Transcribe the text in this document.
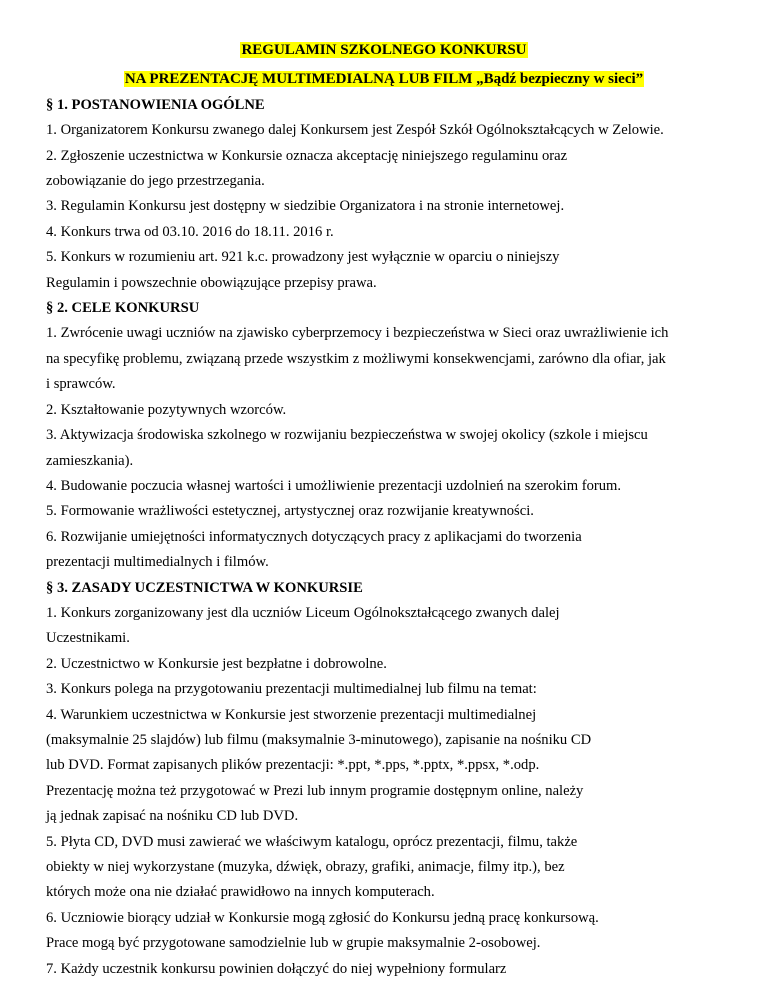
REGULAMIN SZKOLNEGO KONKURSU
NA PREZENTACJĘ MULTIMEDIALNĄ LUB FILM „Bądź bezpieczny w sieci”
§ 1. POSTANOWIENIA OGÓLNE
1. Organizatorem Konkursu zwanego dalej Konkursem jest Zespół Szkół Ogólnokształcących w Zelowie.
2. Zgłoszenie uczestnictwa w Konkursie oznacza akceptację niniejszego regulaminu oraz
zobowiązanie do jego przestrzegania.
3. Regulamin Konkursu jest dostępny w siedzibie Organizatora i na stronie internetowej.
4. Konkurs trwa od 03.10. 2016 do 18.11. 2016 r.
5. Konkurs w rozumieniu art. 921 k.c. prowadzony jest wyłącznie w oparciu o niniejszy
Regulamin i powszechnie obowiązujące przepisy prawa.
§ 2. CELE KONKURSU
1. Zwrócenie uwagi uczniów na zjawisko cyberprzemocy i bezpieczeństwa w Sieci oraz uwrażliwienie ich
na specyfikę problemu, związaną przede wszystkim z możliwymi konsekwencjami, zarówno dla ofiar, jak
i sprawców.
2. Kształtowanie pozytywnych wzorców.
3. Aktywizacja środowiska szkolnego w rozwijaniu bezpieczeństwa w swojej okolicy (szkole i miejscu
zamieszkania).
4. Budowanie poczucia własnej wartości i umożliwienie prezentacji uzdolnień na szerokim forum.
5. Formowanie wrażliwości estetycznej, artystycznej oraz rozwijanie kreatywności.
6. Rozwijanie umiejętności informatycznych dotyczących pracy z aplikacjami do tworzenia
prezentacji multimedialnych i filmów.
§ 3. ZASADY UCZESTNICTWA W KONKURSIE
1. Konkurs zorganizowany jest dla uczniów Liceum Ogólnokształcącego zwanych dalej
Uczestnikami.
2. Uczestnictwo w Konkursie jest bezpłatne i dobrowolne.
3. Konkurs polega na przygotowaniu prezentacji multimedialnej lub filmu na temat:
4. Warunkiem uczestnictwa w Konkursie jest stworzenie prezentacji multimedialnej
(maksymalnie 25 slajdów) lub filmu (maksymalnie 3-minutowego), zapisanie na nośniku CD
lub DVD. Format zapisanych plików prezentacji: *.ppt, *.pps, *.pptx, *.ppsx, *.odp.
Prezentację można też przygotować w Prezi lub innym programie dostępnym online, należy
ją jednak zapisać na nośniku CD lub DVD.
5. Płyta CD, DVD musi zawierać we właściwym katalogu, oprócz prezentacji, filmu, także
obiekty w niej wykorzystane (muzyka, dźwięk, obrazy, grafiki, animacje, filmy itp.), bez
których może ona nie działać prawidłowo na innych komputerach.
6. Uczniowie biorący udział w Konkursie mogą zgłosić do Konkursu jedną pracę konkursową.
Prace mogą być przygotowane samodzielnie lub w grupie maksymalnie 2-osobowej.
7. Każdy uczestnik konkursu powinien dołączyć do niej wypełniony formularz
